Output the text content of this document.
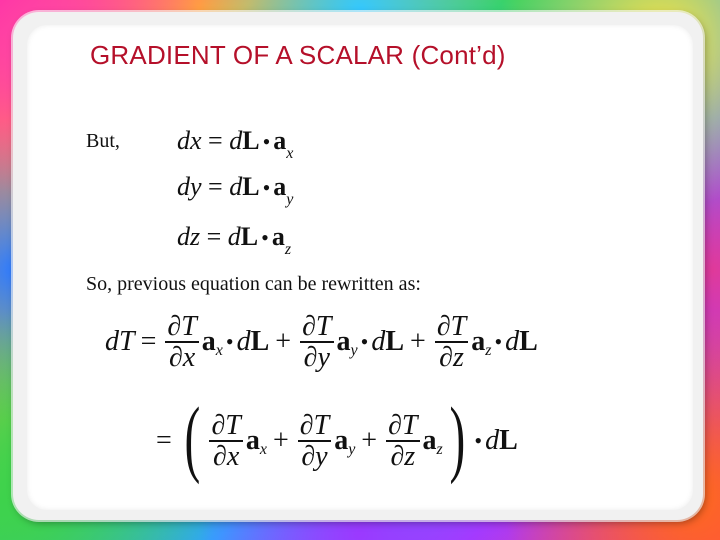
GRADIENT OF A SCALAR (Cont’d)
But, dx = dL • $a_x$
dy = dL • $a_y$
dz = dL • $a_z$
So, previous equation can be rewritten as:
dT = $\frac{\partial T}{\partial x}$ a x • d $L + \frac{\partial T}{\partial y}$ a y • d $L + \frac{\partial T}{\partial z}$ a z • d L
= ( $\frac{\partial T}{\partial x}$ a $x + \frac{\partial T}{\partial y}$ a $y + \frac{\partial T}{\partial z}$ a z ) • d L
